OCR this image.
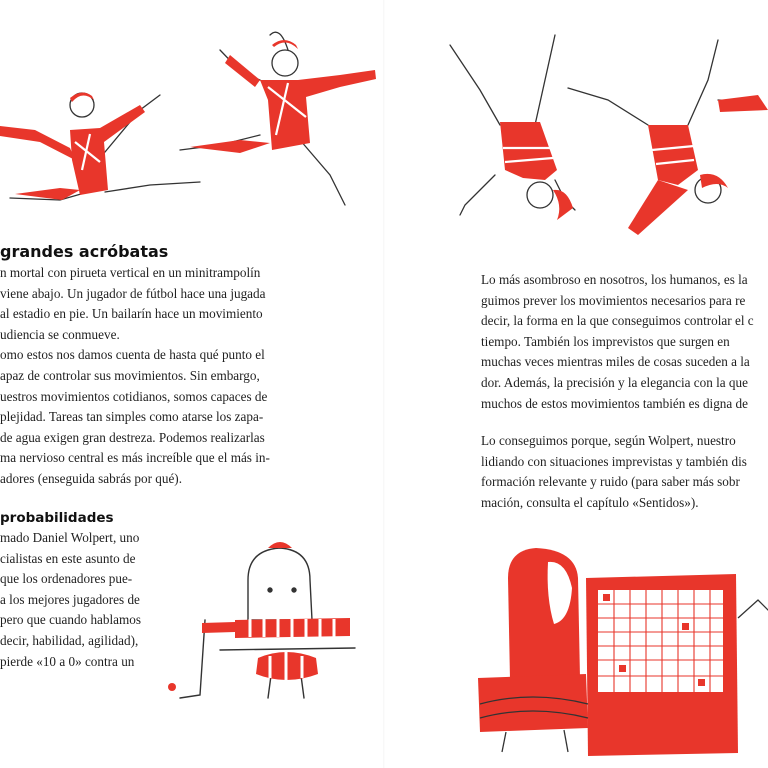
grandes acróbatas
n mortal con pirueta vertical en un minitrampolín
viene abajo. Un jugador de fútbol hace una jugada
al estadio en pie. Un bailarín hace un movimiento
udiencia se conmueve.
omo estos nos damos cuenta de hasta qué punto el
apaz de controlar sus movimientos. Sin embargo,
uestros movimientos cotidianos, somos capaces de
plejidad. Tareas tan simples como atarse los zapa-
de agua exigen gran destreza. Podemos realizarlas
ma nervioso central es más increíble que el más in-
adores (enseguida sabrás por qué).
probabilidades
mado Daniel Wolpert, uno
cialistas en este asunto de
que los ordenadores pue-
a los mejores jugadores de
pero que cuando hablamos
decir, habilidad, agilidad),
pierde «10 a 0» contra un
Lo más asombroso en nosotros, los humanos, es la
guimos prever los movimientos necesarios para re
decir, la forma en la que conseguimos controlar el c
tiempo. También los imprevistos que surgen en
muchas veces mientras miles de cosas suceden a la
dor. Además, la precisión y la elegancia con la que
muchos de estos movimientos también es digna de
Lo conseguimos porque, según Wolpert, nuestro
lidiando con situaciones imprevistas y también dis
formación relevante y ruido (para saber más sobr
mación, consulta el capítulo «Sentidos»).
